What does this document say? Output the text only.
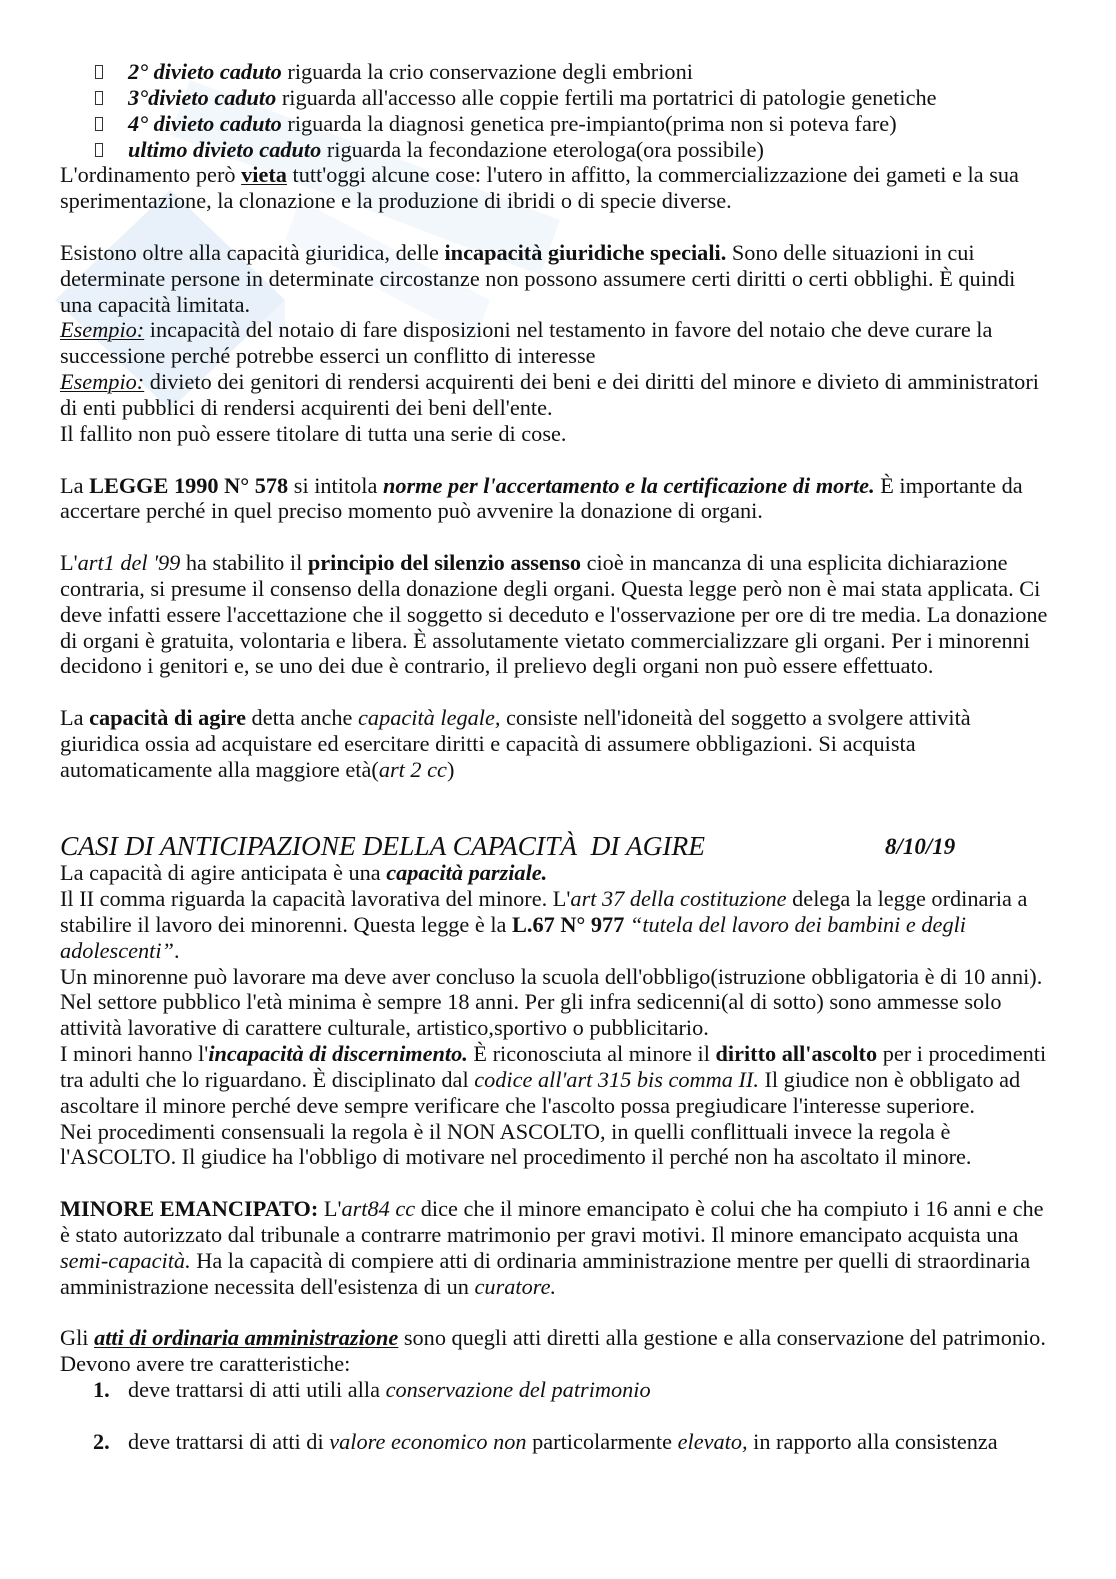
2° divieto caduto riguarda la crio conservazione degli embrioni
3°divieto caduto riguarda all'accesso alle coppie fertili ma portatrici di patologie genetiche
4° divieto caduto riguarda la diagnosi genetica pre-impianto(prima non si poteva fare)
ultimo divieto caduto riguarda la fecondazione eterologa(ora possibile)
L'ordinamento però vieta tutt'oggi alcune cose: l'utero in affitto, la commercializzazione dei gameti e la sua
sperimentazione, la clonazione e la produzione di ibridi o di specie diverse.
Esistono oltre alla capacità giuridica, delle incapacità giuridiche speciali. Sono delle situazioni in cui
determinate persone in determinate circostanze non possono assumere certi diritti o certi obblighi. È quindi
una capacità limitata.
Esempio: incapacità del notaio di fare disposizioni nel testamento in favore del notaio che deve curare la
successione perché potrebbe esserci un conflitto di interesse
Esempio: divieto dei genitori di rendersi acquirenti dei beni e dei diritti del minore e divieto di amministratori
di enti pubblici di rendersi acquirenti dei beni dell'ente.
Il fallito non può essere titolare di tutta una serie di cose.
La LEGGE 1990 N° 578 si intitola norme per l'accertamento e la certificazione di morte. È importante da
accertare perché in quel preciso momento può avvenire la donazione di organi.
L' art1 del '99 ha stabilito il principio del silenzio assenso cioè in mancanza di una esplicita dichiarazione
contraria, si presume il consenso della donazione degli organi. Questa legge però non è mai stata applicata. Ci
deve infatti essere l'accettazione che il soggetto si deceduto e l'osservazione per ore di tre media. La donazione
di organi è gratuita, volontaria e libera. È assolutamente vietato commercializzare gli organi. Per i minorenni
decidono i genitori e, se uno dei due è contrario, il prelievo degli organi non può essere effettuato.
La capacità di agire detta anche capacità legale, consiste nell'idoneità del soggetto a svolgere attività
giuridica ossia ad acquistare ed esercitare diritti e capacità di assumere obbligazioni. Si acquista
automaticamente alla maggiore età( art 2 cc )
CASI DI ANTICIPAZIONE DELLA CAPACITÀ  DI AGIRE	8/10/19
La capacità di agire anticipata è una capacità parziale.
Il II comma riguarda la capacità lavorativa del minore. L' art 37 della costituzione delega la legge ordinaria a
stabilire il lavoro dei minorenni. Questa legge è la L.67 N° 977 “tutela del lavoro dei bambini e degli
adolescenti” .
Un minorenne può lavorare ma deve aver concluso la scuola dell'obbligo(istruzione obbligatoria è di 10 anni).
Nel settore pubblico l'età minima è sempre 18 anni. Per gli infra sedicenni(al di sotto) sono ammesse solo
attività lavorative di carattere culturale, artistico,sportivo o pubblicitario.
I minori hanno l' incapacità di discernimento. È riconosciuta al minore il diritto all'ascolto per i procedimenti
tra adulti che lo riguardano. È disciplinato dal codice all'art 315 bis comma II. Il giudice non è obbligato ad
ascoltare il minore perché deve sempre verificare che l'ascolto possa pregiudicare l'interesse superiore.
Nei procedimenti consensuali la regola è il NON ASCOLTO, in quelli conflittuali invece la regola è
l'ASCOLTO. Il giudice ha l'obbligo di motivare nel procedimento il perché non ha ascoltato il minore.
MINORE EMANCIPATO: L' art84 cc dice che il minore emancipato è colui che ha compiuto i 16 anni e che
è stato autorizzato dal tribunale a contrarre matrimonio per gravi motivi. Il minore emancipato acquista una
semi-capacità. Ha la capacità di compiere atti di ordinaria amministrazione mentre per quelli di straordinaria
amministrazione necessita dell'esistenza di un curatore.
Gli atti di ordinaria amministrazione sono quegli atti diretti alla gestione e alla conservazione del patrimonio.
Devono avere tre caratteristiche:
1. deve trattarsi di atti utili alla conservazione del patrimonio
2. deve trattarsi di atti di valore economico non particolarmente elevato, in rapporto alla consistenza
